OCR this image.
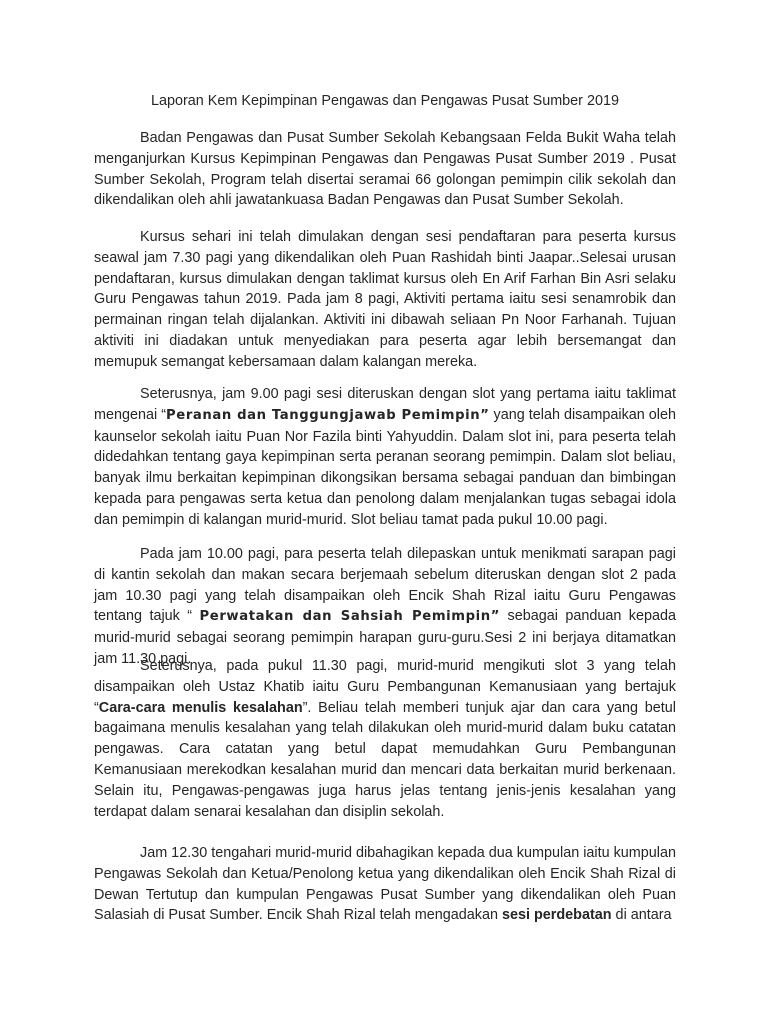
Laporan Kem Kepimpinan Pengawas dan Pengawas Pusat Sumber 2019

Badan Pengawas dan Pusat Sumber Sekolah Kebangsaan Felda Bukit Waha telah menganjurkan Kursus Kepimpinan Pengawas dan Pengawas Pusat Sumber 2019 . Pusat Sumber Sekolah, Program telah disertai seramai 66 golongan pemimpin cilik sekolah dan dikendalikan oleh ahli jawatankuasa Badan Pengawas dan Pusat Sumber Sekolah.

Kursus sehari ini telah dimulakan dengan sesi pendaftaran para peserta kursus seawal jam 7.30 pagi yang dikendalikan oleh Puan Rashidah binti Jaapar..Selesai urusan pendaftaran, kursus dimulakan dengan taklimat kursus oleh En Arif Farhan Bin Asri selaku Guru Pengawas tahun 2019. Pada jam 8 pagi, Aktiviti pertama iaitu sesi senamrobik dan permainan ringan telah dijalankan. Aktiviti ini dibawah seliaan Pn Noor Farhanah. Tujuan aktiviti ini diadakan untuk menyediakan para peserta agar lebih bersemangat dan memupuk semangat kebersamaan dalam kalangan mereka.

Seterusnya, jam 9.00 pagi sesi diteruskan dengan slot yang pertama iaitu taklimat mengenai “Peranan dan Tanggungjawab Pemimpin” yang telah disampaikan oleh kaunselor sekolah iaitu Puan Nor Fazila binti Yahyuddin. Dalam slot ini, para peserta telah didedahkan tentang gaya kepimpinan serta peranan seorang pemimpin. Dalam slot beliau, banyak ilmu berkaitan kepimpinan dikongsikan bersama sebagai panduan dan bimbingan kepada para pengawas serta ketua dan penolong dalam menjalankan tugas sebagai idola dan pemimpin di kalangan murid-murid. Slot beliau tamat pada pukul 10.00 pagi.

Pada jam 10.00 pagi, para peserta telah dilepaskan untuk menikmati sarapan pagi di kantin sekolah dan makan secara berjemaah sebelum diteruskan dengan slot 2 pada jam 10.30 pagi yang telah disampaikan oleh Encik Shah Rizal iaitu Guru Pengawas tentang tajuk “ Perwatakan dan Sahsiah Pemimpin” sebagai panduan kepada murid-murid sebagai seorang pemimpin harapan guru-guru.Sesi 2 ini berjaya ditamatkan jam 11.30 pagi.

Seterusnya, pada pukul 11.30 pagi, murid-murid mengikuti slot 3 yang telah disampaikan oleh Ustaz Khatib iaitu Guru Pembangunan Kemanusiaan yang bertajuk “Cara-cara menulis kesalahan”. Beliau telah memberi tunjuk ajar dan cara yang betul bagaimana menulis kesalahan yang telah dilakukan oleh murid-murid dalam buku catatan pengawas. Cara catatan yang betul dapat memudahkan Guru Pembangunan Kemanusiaan merekodkan kesalahan murid dan mencari data berkaitan murid berkenaan. Selain itu, Pengawas-pengawas juga harus jelas tentang jenis-jenis kesalahan yang terdapat dalam senarai kesalahan dan disiplin sekolah.

Jam 12.30 tengahari murid-murid dibahagikan kepada dua kumpulan iaitu kumpulan Pengawas Sekolah dan Ketua/Penolong ketua yang dikendalikan oleh Encik Shah Rizal di Dewan Tertutup dan kumpulan Pengawas Pusat Sumber yang dikendalikan oleh Puan Salasiah di Pusat Sumber. Encik Shah Rizal telah mengadakan sesi perdebatan di antara
